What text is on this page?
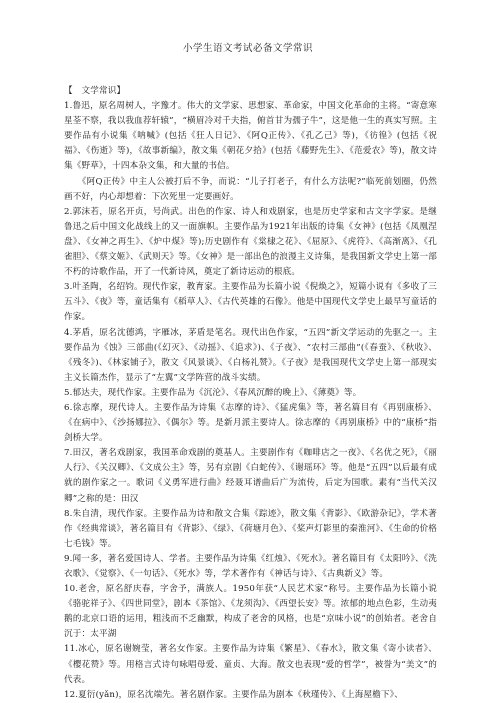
小学生语文考试必备文学常识

【　文学常识】

1.鲁迅，原名周树人，字豫才。伟大的文学家、思想家、革命家，中国文化革命的主将。“寄意寒星荃不察，我以我血荐轩辕”，“横眉冷对千夫指，俯首甘为孺子牛”，这是他一生的真实写照。主要作品有小说集《呐喊》(包括《狂人日记》、《阿Q正传》、《孔乙己》等)，《彷徨》(包括《祝福》、《伤逝》等)，《故事新编》，散文集《朝花夕拾》(包括《藤野先生》、《范爱农》等)，散文诗集《野草》，十四本杂文集，和大量的书信。

《阿Q正传》中主人公被打后不争，而说：“儿子打老子，有什么方法呢?”临死前划圈，仍然画不好，内心却想着：下次死里一定要画好。

2.郭沫若，原名开贞，号尚武。出色的作家、诗人和戏剧家，也是历史学家和古文字学家。是继鲁迅之后中国文化战线上的又一面旗帜。主要作品为1921年出版的诗集《女神》(包括《凤凰涅盘》、《女神之再生》、《炉中煤》等);历史剧作有《棠棣之花》、《屈原》、《虎符》、《高渐离》、《孔雀胆》、《蔡文姬》、《武则天》等。《女神》是一部出色的浪漫主义诗集，是我国新文学史上第一部不朽的诗歌作品，开了一代新诗风，奠定了新诗运动的根底。

3.叶圣陶，名绍钧。现代作家，教育家。主要作品为长篇小说《倪焕之》，短篇小说有《多收了三五斗》、《夜》等，童话集有《稻草人》、《古代英雄的石像》。他是中国现代文学史上最早写童话的作家。

4.茅盾，原名沈德鸿，字雁冰，茅盾是笔名。现代出色作家，“五四”新文学运动的先驱之一。主要作品为《蚀》三部曲(《幻灭》、《动摇》、《追求》)、《子夜》、“农村三部曲”(《春蚕》、《秋收》、《残冬》)、《林家铺子》，散文《风景谈》、《白杨礼赞》。《子夜》是我国现代文学史上第一部现实主义长篇杰作，显示了“左翼”文学阵营的战斗实绩。

5.郁达夫，现代作家。主要作品为《沉沦》、《春风沉醉的晚上》、《薄奠》等。

6.徐志摩，现代诗人。主要作品为诗集《志摩的诗》、《猛虎集》等，著名篇目有《再别康桥》、《在病中》、《沙扬娜拉》、《偶尔》等。是新月派主要诗人。徐志摩的《再别康桥》中的“康桥”指剑桥大学。

7.田汉，著名戏剧家，我国革命戏剧的奠基人。主要剧作有《咖啡店之一夜》、《名优之死》，《丽人行》、《关汉卿》、《文成公主》等，另有京剧《白蛇传》、《谢瑶环》等。他是“五四”以后最有成就的剧作家之一。歌词《义勇军进行曲》经聂耳谱曲后广为流传，后定为国歌。素有“当代关汉卿”之称的是：田汉

8.朱自清，现代作家。主要作品为诗和散文合集《踪迹》，散文集《背影》、《欧游杂记》，学术著作《经典常谈》，著名篇目有《背影》、《绿》、《荷塘月色》、《桨声灯影里的秦淮河》、《生命的价格　七毛钱》等。

9.闻一多，著名爱国诗人、学者。主要作品为诗集《红烛》、《死水》。著名篇目有《太阳吟》、《洗衣歌》、《觉察》、《一句话》、《死水》等，学术著作有《神话与诗》、《古典新义》等。

10.老舍，原名舒庆春，字舍予，满族人。1950年获“人民艺术家”称号。主要作品为长篇小说《骆驼祥子》、《四世同堂》，剧本《茶馆》、《龙须沟》、《西望长安》等。浓郁的地点色彩，生动夷鹅的北京口语的运用，粗浅而不乏幽默，构成了老舍的风格，也是“京味小说”的创始者。老舍自沉于：太平湖

11.冰心，原名谢婉莹，著名女作家。主要作品为诗集《繁星》、《春水》，散文集《寄小读者》、《樱花赞》等。用格言式诗句咏唱母爱、童贞、大海。散文也表现“爱的哲学”，被誉为“美文”的代表。

12.夏衍(yǎn)，原名沈端先。著名剧作家。主要作品为剧本《秋瑾传》、《上海屋檐下》、
